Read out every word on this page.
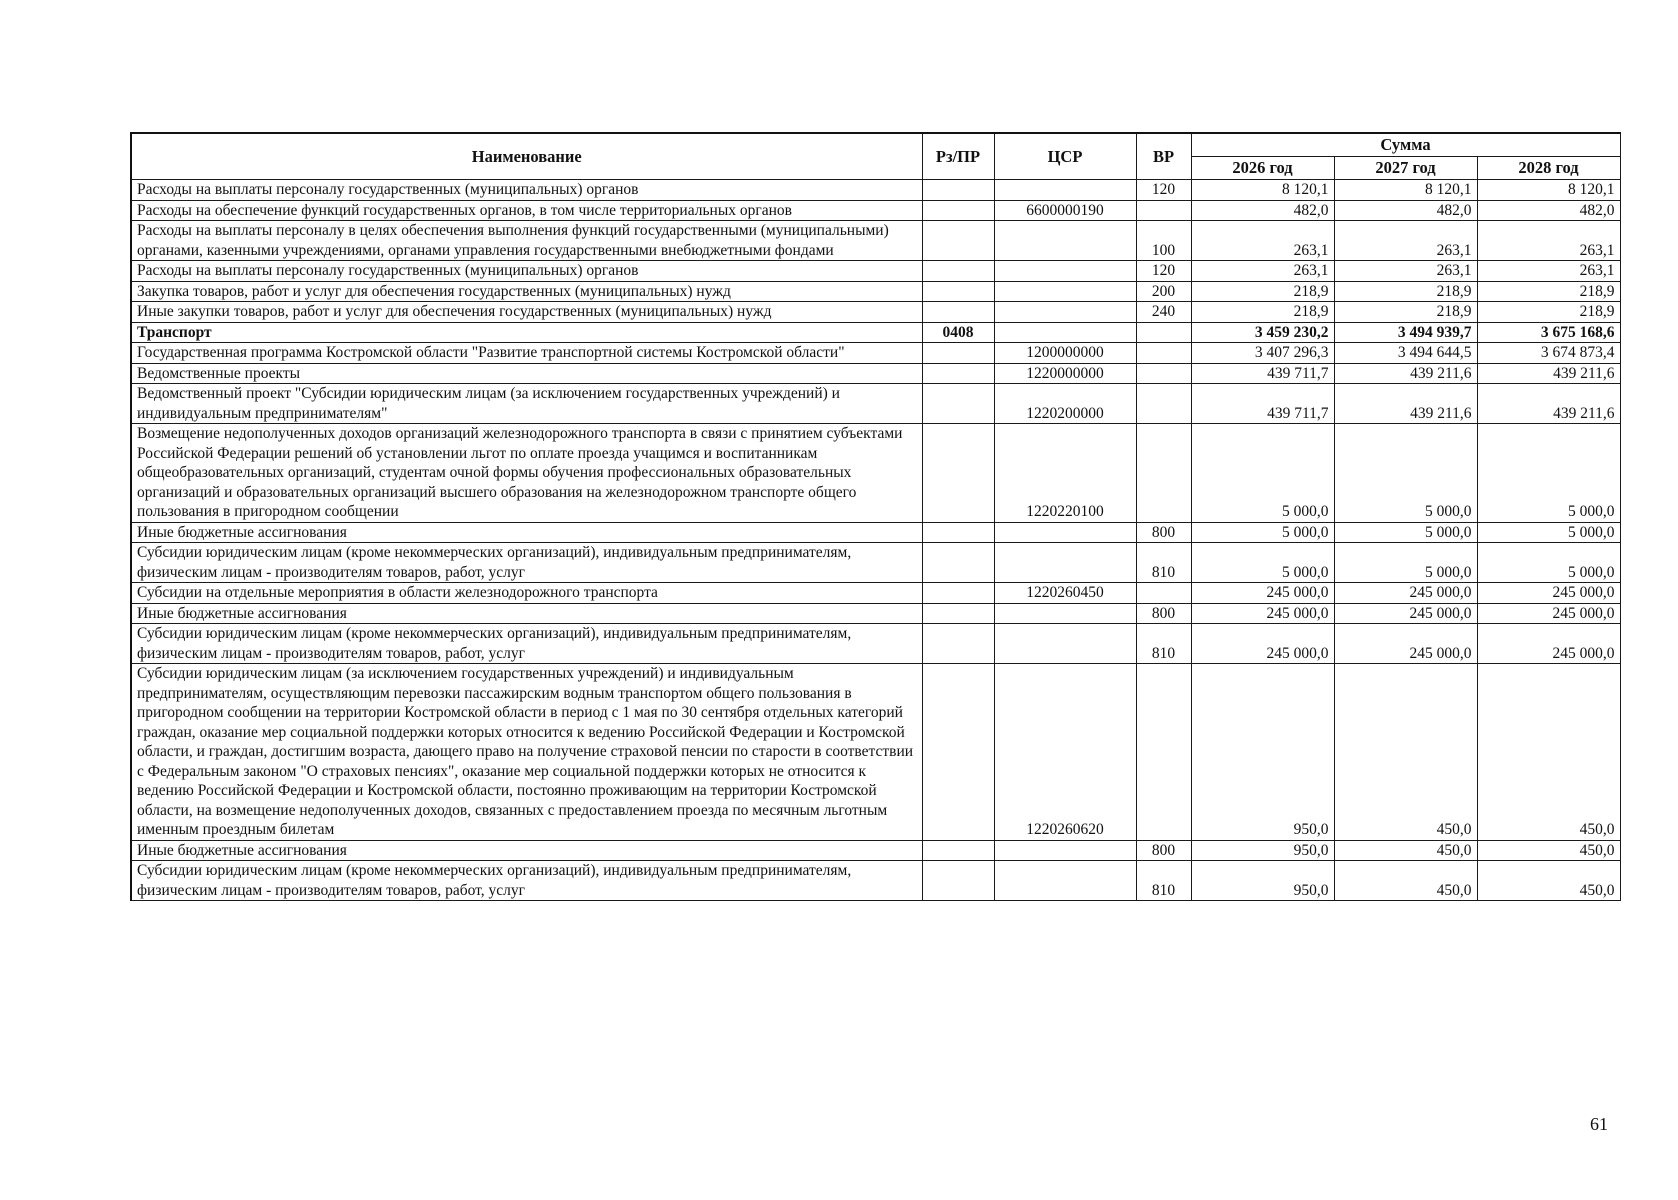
Наименование	Рз/ПР	ЦСР	ВР	Сумма		
				2026 год	2027 год	2028 год
Расходы на выплаты персоналу государственных (муниципальных) органов			120	8 120,1	8 120,1	8 120,1
Расходы на обеспечение функций государственных органов, в том числе территориальных органов		6600000190		482,0	482,0	482,0
Расходы на выплаты персоналу в целях обеспечения выполнения функций государственными (муниципальными) органами, казенными учреждениями, органами управления государственными внебюджетными фондами			100	263,1	263,1	263,1
Расходы на выплаты персоналу государственных (муниципальных) органов			120	263,1	263,1	263,1
Закупка товаров, работ и услуг для обеспечения государственных (муниципальных) нужд			200	218,9	218,9	218,9
Иные закупки товаров, работ и услуг для обеспечения государственных (муниципальных) нужд			240	218,9	218,9	218,9
Транспорт	0408			3 459 230,2	3 494 939,7	3 675 168,6
Государственная программа Костромской области "Развитие транспортной системы Костромской области"		1200000000		3 407 296,3	3 494 644,5	3 674 873,4
Ведомственные проекты		1220000000		439 711,7	439 211,6	439 211,6
Ведомственный проект "Субсидии юридическим лицам (за исключением государственных учреждений) и индивидуальным предпринимателям"		1220200000		439 711,7	439 211,6	439 211,6
Возмещение недополученных доходов организаций железнодорожного транспорта в связи с принятием субъектами Российской Федерации решений об установлении льгот по оплате проезда учащимся и воспитанникам общеобразовательных организаций, студентам очной формы обучения профессиональных образовательных организаций и образовательных организаций высшего образования на железнодорожном транспорте общего пользования в пригородном сообщении		1220220100		5 000,0	5 000,0	5 000,0
Иные бюджетные ассигнования			800	5 000,0	5 000,0	5 000,0
Субсидии юридическим лицам (кроме некоммерческих организаций), индивидуальным предпринимателям, физическим лицам - производителям товаров, работ, услуг			810	5 000,0	5 000,0	5 000,0
Субсидии на отдельные мероприятия в области железнодорожного транспорта		1220260450		245 000,0	245 000,0	245 000,0
Иные бюджетные ассигнования			800	245 000,0	245 000,0	245 000,0
Субсидии юридическим лицам (кроме некоммерческих организаций), индивидуальным предпринимателям, физическим лицам - производителям товаров, работ, услуг			810	245 000,0	245 000,0	245 000,0
Субсидии юридическим лицам (за исключением государственных учреждений) и индивидуальным предпринимателям, осуществляющим перевозки пассажирским водным транспортом общего пользования в пригородном сообщении на территории Костромской области в период с 1 мая по 30 сентября отдельных категорий граждан, оказание мер социальной поддержки которых относится к ведению Российской Федерации и Костромской области, и граждан, достигшим возраста, дающего право на получение страховой пенсии по старости в соответствии с Федеральным законом "О страховых пенсиях", оказание мер социальной поддержки которых не относится к ведению Российской Федерации и Костромской области, постоянно проживающим на территории Костромской области, на возмещение недополученных доходов, связанных с предоставлением проезда по месячным льготным именным проездным билетам		1220260620		950,0	450,0	450,0
Иные бюджетные ассигнования			800	950,0	450,0	450,0
Субсидии юридическим лицам (кроме некоммерческих организаций), индивидуальным предпринимателям, физическим лицам - производителям товаров, работ, услуг			810	950,0	450,0	450,0
61
